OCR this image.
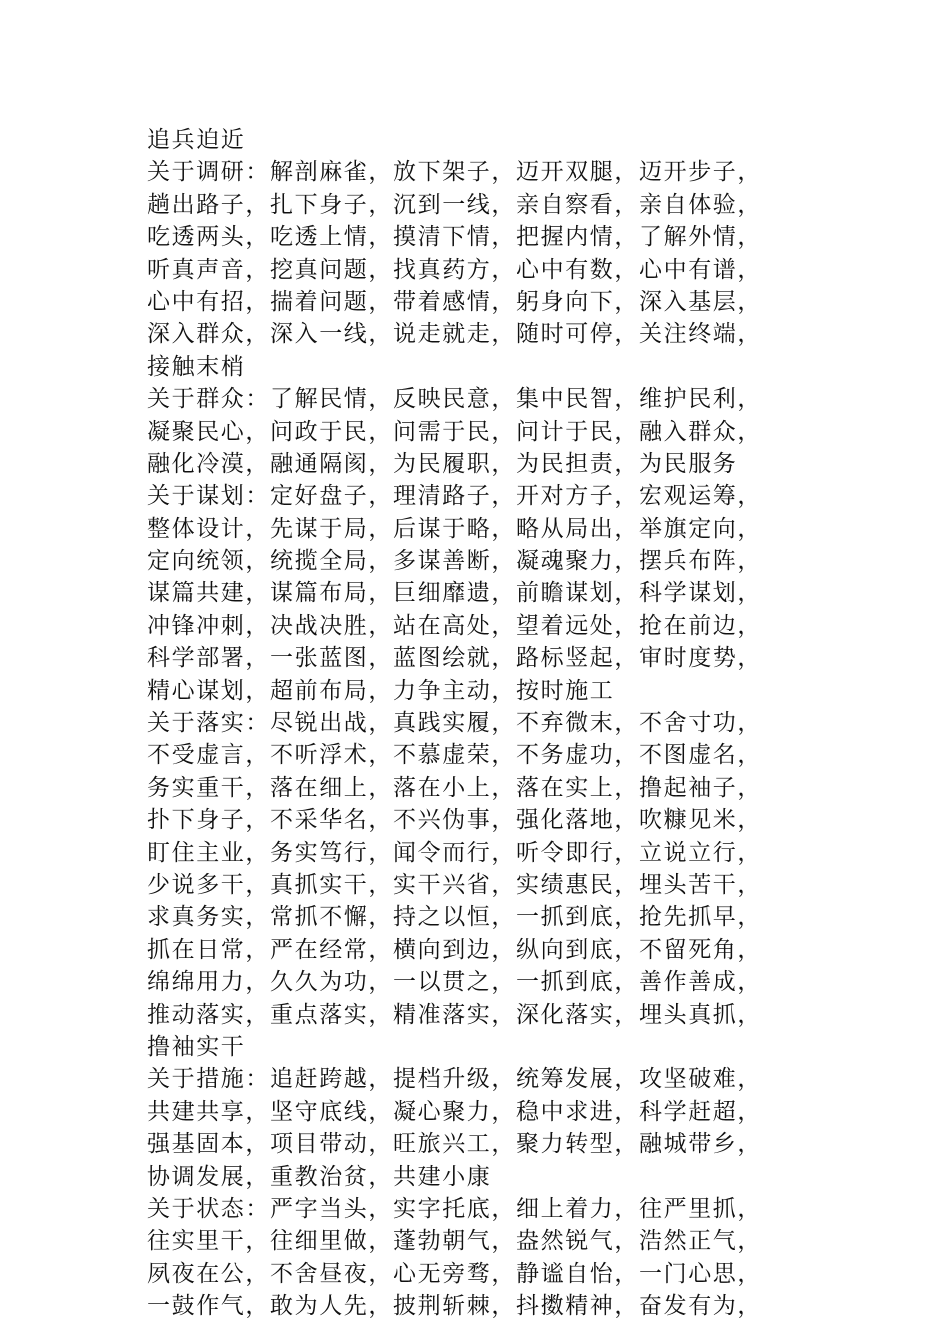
追兵迫近
关于调研：解剖麻雀，放下架子，迈开双腿，迈开步子，
趟出路子，扎下身子，沉到一线，亲自察看，亲自体验，
吃透两头，吃透上情，摸清下情，把握内情，了解外情，
听真声音，挖真问题，找真药方，心中有数，心中有谱，
心中有招，揣着问题，带着感情，躬身向下，深入基层，
深入群众，深入一线，说走就走，随时可停，关注终端，
接触末梢
关于群众：了解民情，反映民意，集中民智，维护民利，
凝聚民心，问政于民，问需于民，问计于民，融入群众，
融化冷漠，融通隔阂，为民履职，为民担责，为民服务
关于谋划：定好盘子，理清路子，开对方子，宏观运筹，
整体设计，先谋于局，后谋于略，略从局出，举旗定向，
定向统领，统揽全局，多谋善断，凝魂聚力，摆兵布阵，
谋篇共建，谋篇布局，巨细靡遗，前瞻谋划，科学谋划，
冲锋冲刺，决战决胜，站在高处，望着远处，抢在前边，
科学部署，一张蓝图，蓝图绘就，路标竖起，审时度势，
精心谋划，超前布局，力争主动，按时施工
关于落实：尽锐出战，真践实履，不弃微末，不舍寸功，
不受虚言，不听浮术，不慕虚荣，不务虚功，不图虚名，
务实重干，落在细上，落在小上，落在实上，撸起袖子，
扑下身子，不采华名，不兴伪事，强化落地，吹糠见米，
盯住主业，务实笃行，闻令而行，听令即行，立说立行，
少说多干，真抓实干，实干兴省，实绩惠民，埋头苦干，
求真务实，常抓不懈，持之以恒，一抓到底，抢先抓早，
抓在日常，严在经常，横向到边，纵向到底，不留死角，
绵绵用力，久久为功，一以贯之，一抓到底，善作善成，
推动落实，重点落实，精准落实，深化落实，埋头真抓，
撸袖实干
关于措施：追赶跨越，提档升级，统筹发展，攻坚破难，
共建共享，坚守底线，凝心聚力，稳中求进，科学赶超，
强基固本，项目带动，旺旅兴工，聚力转型，融城带乡，
协调发展，重教治贫，共建小康
关于状态：严字当头，实字托底，细上着力，往严里抓，
往实里干，往细里做，蓬勃朝气，盎然锐气，浩然正气，
夙夜在公，不舍昼夜，心无旁骛，静谧自怡，一门心思，
一鼓作气，敢为人先，披荆斩棘，抖擞精神，奋发有为，
